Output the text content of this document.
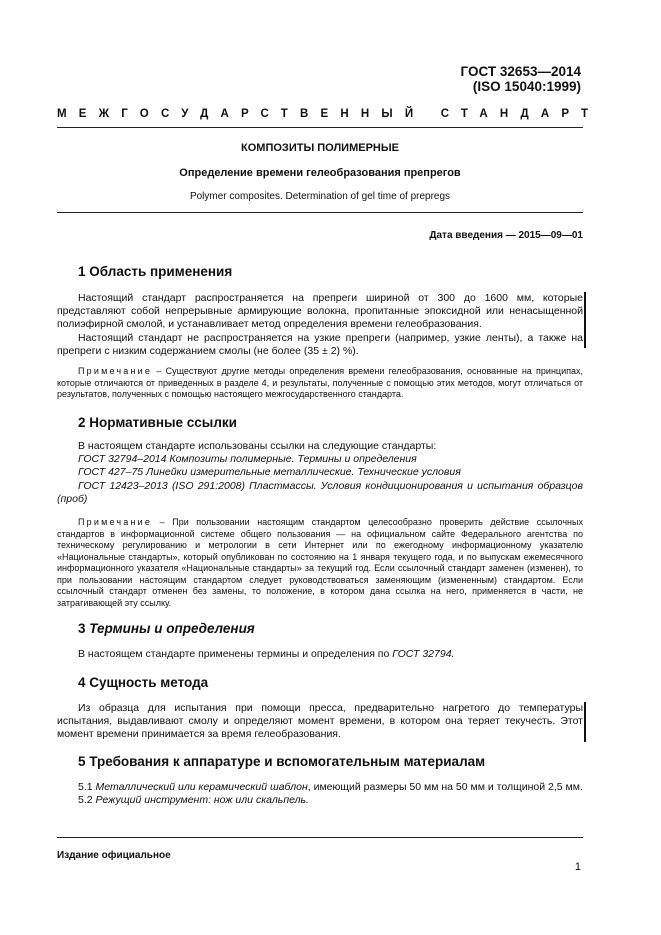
ГОСТ 32653—2014
(ISO 15040:1999)
МЕЖГОСУДАРСТВЕННЫЙ СТАНДАРТ
КОМПОЗИТЫ ПОЛИМЕРНЫЕ
Определение времени гелеобразования препрегов
Polymer composites. Determination of gel time of prepregs
Дата введения — 2015—09—01
1 Область применения

Настоящий стандарт распространяется на препреги шириной от 300 до 1600 мм, которые представляют собой непрерывные армирующие волокна, пропитанные эпоксидной или ненасыщенной полиэфирной смолой, и устанавливает метод определения времени гелеобразования.

Настоящий стандарт не распространяется на узкие препреги (например, узкие ленты), а также на препреги с низким содержанием смолы (не более (35 ± 2) %).

Примечание – Существуют другие методы определения времени гелеобразования, основанные на принципах, которые отличаются от приведенных в разделе 4, и результаты, полученные с помощью этих методов, могут отличаться от результатов, полученных с помощью настоящего межгосударственного стандарта.

2 Нормативные ссылки

В настоящем стандарте использованы ссылки на следующие стандарты:

ГОСТ 32794–2014 Композиты полимерные. Термины и определения

ГОСТ 427–75 Линейки измерительные металлические. Технические условия

ГОСТ 12423–2013 (ISO 291:2008) Пластмассы. Условия кондиционирования и испытания образцов (проб)

Примечание – При пользовании настоящим стандартом целесообразно проверить действие ссылочных стандартов в информационной системе общего пользования — на официальном сайте Федерального агентства по техническому регулированию и метрологии в сети Интернет или по ежегодному информационному указателю «Национальные стандарты», который опубликован по состоянию на 1 января текущего года, и по выпускам ежемесячного информационного указателя «Национальные стандарты» за текущий год. Если ссылочный стандарт заменен (изменен), то при пользовании настоящим стандартом следует руководствоваться заменяющим (измененным) стандартом. Если ссылочный стандарт отменен без замены, то положение, в котором дана ссылка на него, применяется в части, не затрагивающей эту ссылку.

3 Термины и определения

В настоящем стандарте применены термины и определения по ГОСТ 32794.

4 Сущность метода

Из образца для испытания при помощи пресса, предварительно нагретого до температуры испытания, выдавливают смолу и определяют момент времени, в котором она теряет текучесть. Этот момент времени принимается за время гелеобразования.

5 Требования к аппаратуре и вспомогательным материалам

5.1 Металлический или керамический шаблон, имеющий размеры 50 мм на 50 мм и толщиной 2,5 мм.

5.2 Режущий инструмент: нож или скальпель.

Издание официальное
1
